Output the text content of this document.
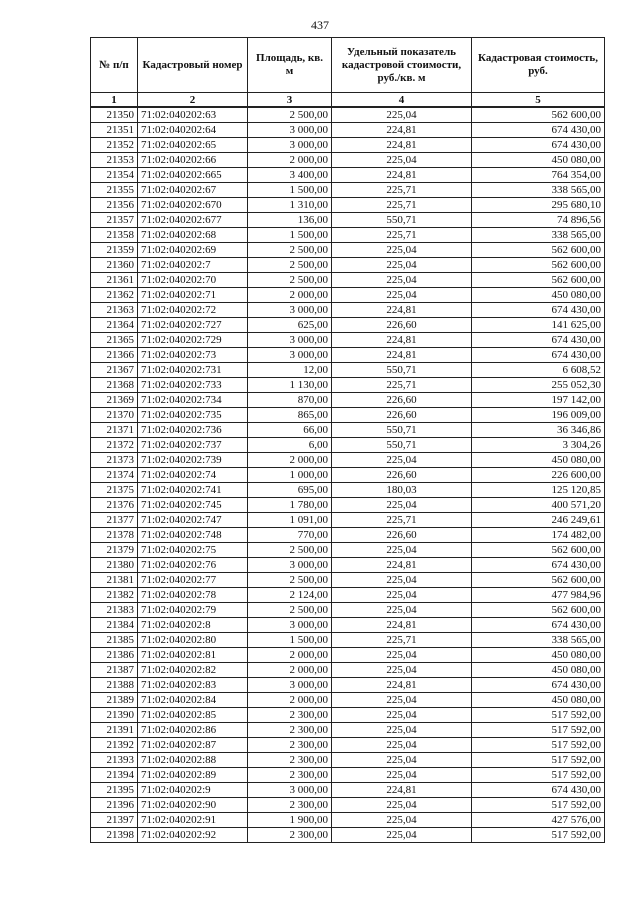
437
№ п/п	Кадастровый номер	Площадь, кв. м	Удельный показатель кадастровой стоимости, руб./кв. м	Кадастровая стоимость, руб.
1	2	3	4	5
21350	71:02:040202:63	2 500,00	225,04	562 600,00
21351	71:02:040202:64	3 000,00	224,81	674 430,00
21352	71:02:040202:65	3 000,00	224,81	674 430,00
21353	71:02:040202:66	2 000,00	225,04	450 080,00
21354	71:02:040202:665	3 400,00	224,81	764 354,00
21355	71:02:040202:67	1 500,00	225,71	338 565,00
21356	71:02:040202:670	1 310,00	225,71	295 680,10
21357	71:02:040202:677	136,00	550,71	74 896,56
21358	71:02:040202:68	1 500,00	225,71	338 565,00
21359	71:02:040202:69	2 500,00	225,04	562 600,00
21360	71:02:040202:7	2 500,00	225,04	562 600,00
21361	71:02:040202:70	2 500,00	225,04	562 600,00
21362	71:02:040202:71	2 000,00	225,04	450 080,00
21363	71:02:040202:72	3 000,00	224,81	674 430,00
21364	71:02:040202:727	625,00	226,60	141 625,00
21365	71:02:040202:729	3 000,00	224,81	674 430,00
21366	71:02:040202:73	3 000,00	224,81	674 430,00
21367	71:02:040202:731	12,00	550,71	6 608,52
21368	71:02:040202:733	1 130,00	225,71	255 052,30
21369	71:02:040202:734	870,00	226,60	197 142,00
21370	71:02:040202:735	865,00	226,60	196 009,00
21371	71:02:040202:736	66,00	550,71	36 346,86
21372	71:02:040202:737	6,00	550,71	3 304,26
21373	71:02:040202:739	2 000,00	225,04	450 080,00
21374	71:02:040202:74	1 000,00	226,60	226 600,00
21375	71:02:040202:741	695,00	180,03	125 120,85
21376	71:02:040202:745	1 780,00	225,04	400 571,20
21377	71:02:040202:747	1 091,00	225,71	246 249,61
21378	71:02:040202:748	770,00	226,60	174 482,00
21379	71:02:040202:75	2 500,00	225,04	562 600,00
21380	71:02:040202:76	3 000,00	224,81	674 430,00
21381	71:02:040202:77	2 500,00	225,04	562 600,00
21382	71:02:040202:78	2 124,00	225,04	477 984,96
21383	71:02:040202:79	2 500,00	225,04	562 600,00
21384	71:02:040202:8	3 000,00	224,81	674 430,00
21385	71:02:040202:80	1 500,00	225,71	338 565,00
21386	71:02:040202:81	2 000,00	225,04	450 080,00
21387	71:02:040202:82	2 000,00	225,04	450 080,00
21388	71:02:040202:83	3 000,00	224,81	674 430,00
21389	71:02:040202:84	2 000,00	225,04	450 080,00
21390	71:02:040202:85	2 300,00	225,04	517 592,00
21391	71:02:040202:86	2 300,00	225,04	517 592,00
21392	71:02:040202:87	2 300,00	225,04	517 592,00
21393	71:02:040202:88	2 300,00	225,04	517 592,00
21394	71:02:040202:89	2 300,00	225,04	517 592,00
21395	71:02:040202:9	3 000,00	224,81	674 430,00
21396	71:02:040202:90	2 300,00	225,04	517 592,00
21397	71:02:040202:91	1 900,00	225,04	427 576,00
21398	71:02:040202:92	2 300,00	225,04	517 592,00
